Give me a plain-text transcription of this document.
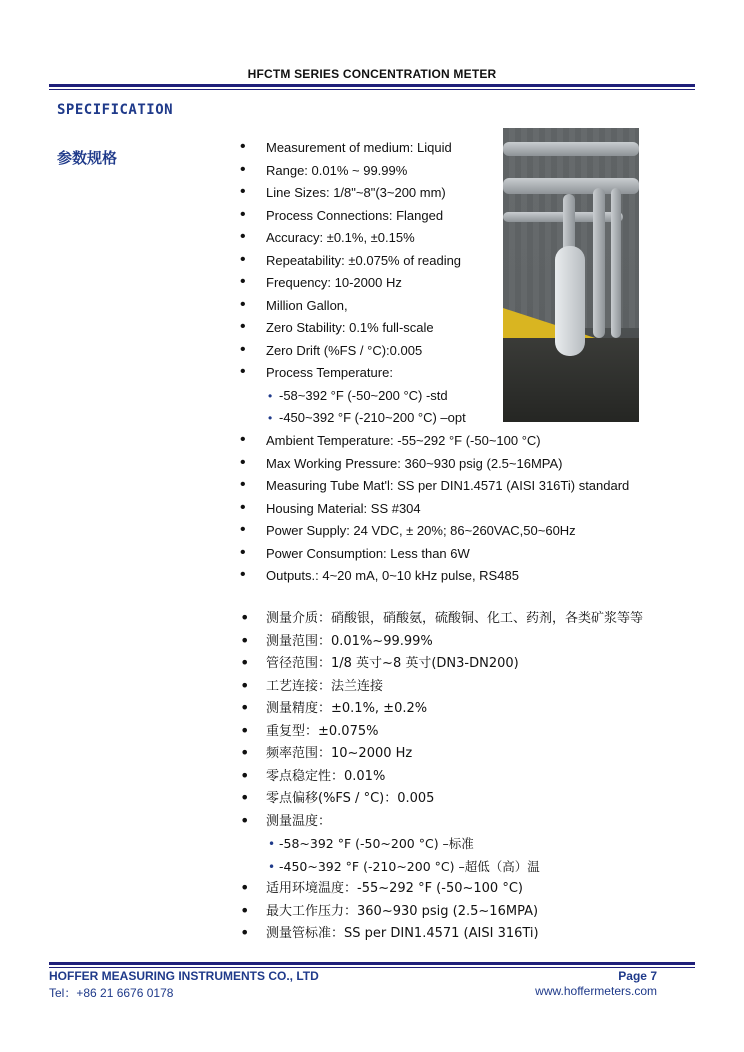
HFCTM SERIES CONCENTRATION METER
SPECIFICATION
参数规格
• Measurement of medium: Liquid
• Range: 0.01% ~ 99.99%
• Line Sizes: 1/8"~8"(3~200 mm)
• Process Connections: Flanged
• Accuracy: ±0.1%, ±0.15%
• Repeatability: ±0.075% of reading
• Frequency: 10-2000 Hz
• Million Gallon,
• Zero Stability: 0.1% full-scale
• Zero Drift (%FS / °C):0.005
• Process Temperature:
• -58~392 °F (-50~200 °C) -std
• -450~392 °F (-210~200 °C) –opt
• Ambient Temperature: -55~292 °F (-50~100 °C)
• Max Working Pressure: 360~930 psig (2.5~16MPA)
• Measuring Tube Mat'l: SS per DIN1.4571 (AISI 316Ti) standard
• Housing Material: SS #304
• Power Supply: 24 VDC, ± 20%; 86~260VAC,50~60Hz
• Power Consumption: Less than 6W
• Outputs.: 4~20 mA, 0~10 kHz pulse, RS485
• 测量介质：硝酸银，硝酸氨，硫酸铜、化工、药剂，各类矿浆等等
• 测量范围：0.01%~99.99%
• 管径范围：1/8 英寸~8 英寸(DN3-DN200)
• 工艺连接：法兰连接
• 测量精度：±0.1%, ±0.2%
• 重复型：±0.075%
• 频率范围：10~2000 Hz
• 零点稳定性：0.01%
• 零点偏移(%FS / °C)：0.005
• 测量温度：
• -58~392 °F (-50~200 °C) –标准
• -450~392 °F (-210~200 °C) –超低（高）温
• 适用环境温度：-55~292 °F (-50~100 °C)
• 最大工作压力：360~930 psig (2.5~16MPA)
• 测量管标准：SS per DIN1.4571 (AISI 316Ti)
HOFFER MEASURING INSTRUMENTS CO., LTD
Tel：+86 21 6676 0178
Page 7
www.hoffermeters.com
